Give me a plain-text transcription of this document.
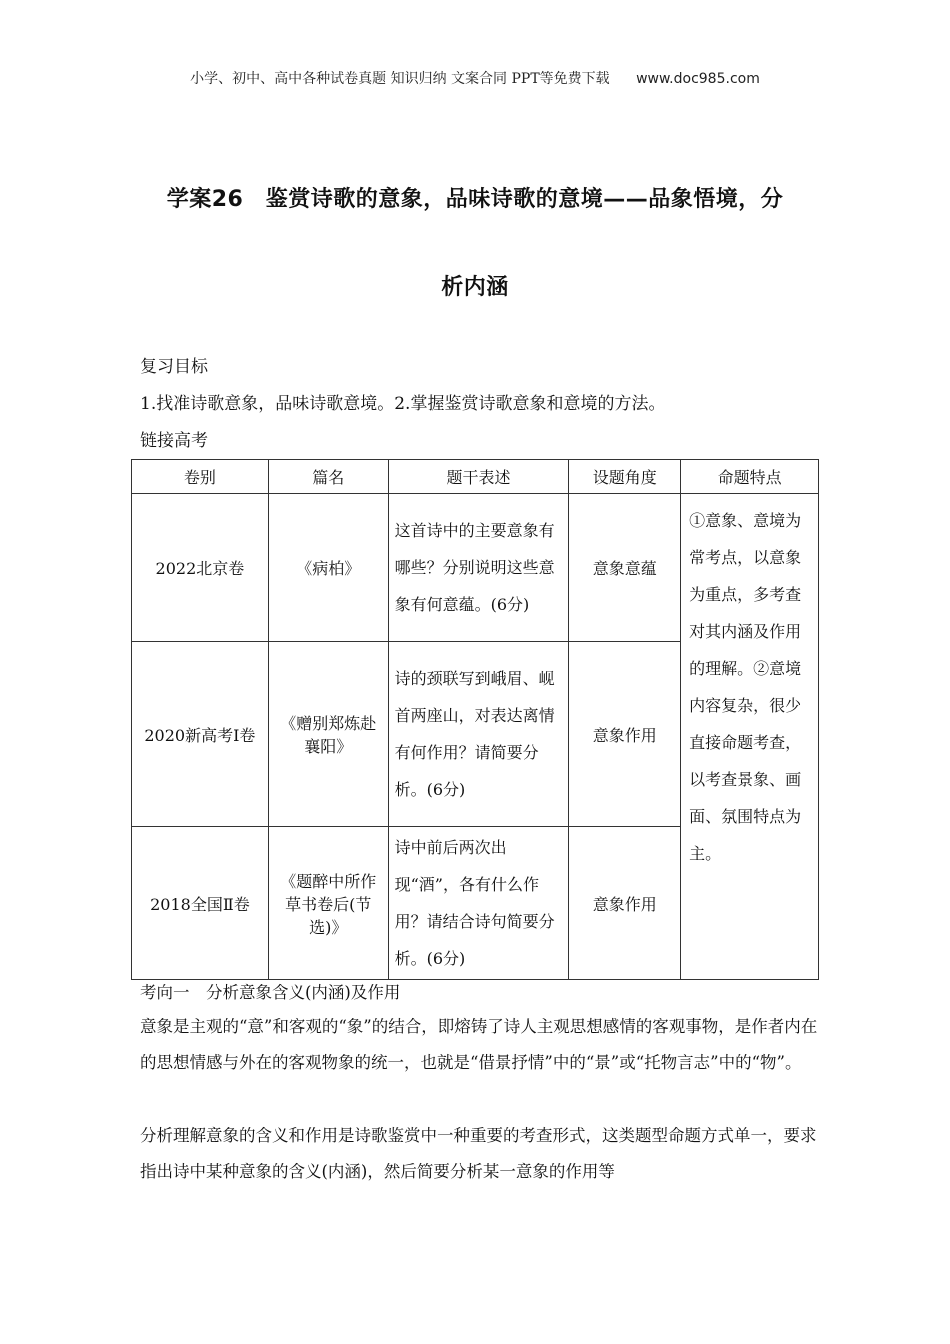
小学、初中、高中各种试卷真题 知识归纳 文案合同 PPT等免费下载 www.doc985.com
学案26　鉴赏诗歌的意象，品味诗歌的意境——品象悟境，分
析内涵
复习目标
1.找准诗歌意象，品味诗歌意境。2.掌握鉴赏诗歌意象和意境的方法。
链接高考
卷别	篇名	题干表述	设题角度	命题特点
2022北京卷	《病柏》	这首诗中的主要意象有哪些？分别说明这些意象有何意蕴。(6分)	意象意蕴	①意象、意境为常考点，以意象为重点，多考查对其内涵及作用的理解。②意境内容复杂，很少直接命题考查，以考查景象、画面、氛围特点为主。
2020新高考Ⅰ卷	《赠别郑炼赴襄阳》	诗的颈联写到峨眉、岘首两座山，对表达离情有何作用？请简要分析。(6分)	意象作用	
2018全国Ⅱ卷	《题醉中所作草书卷后(节选)》	诗中前后两次出现“酒”，各有什么作用？请结合诗句简要分析。(6分)	意象作用	
考向一　分析意象含义(内涵)及作用
意象是主观的“意”和客观的“象”的结合，即熔铸了诗人主观思想感情的客观事物，是作者内在的思想情感与外在的客观物象的统一，也就是“借景抒情”中的“景”或“托物言志”中的“物”。
分析理解意象的含义和作用是诗歌鉴赏中一种重要的考查形式，这类题型命题方式单一，要求指出诗中某种意象的含义(内涵)，然后简要分析某一意象的作用等
